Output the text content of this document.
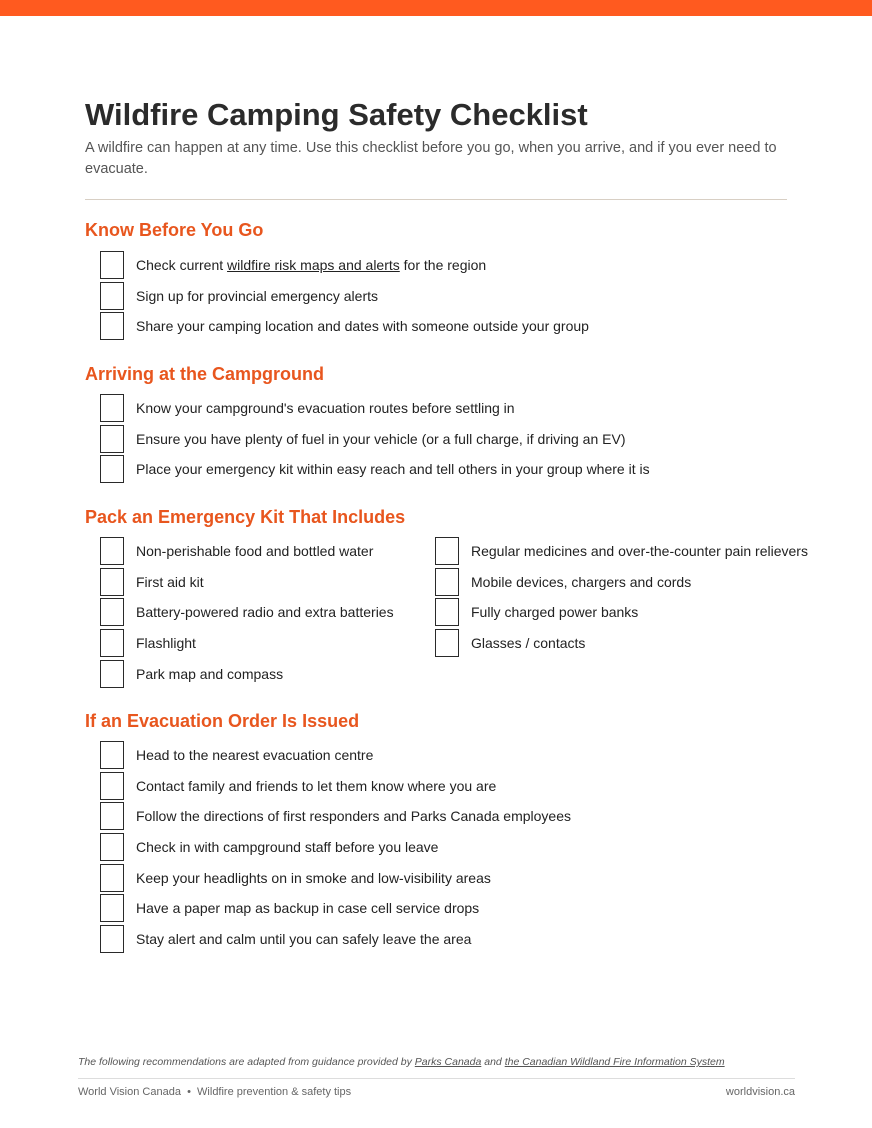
Wildfire Camping Safety Checklist

A wildfire can happen at any time. Use this checklist before you go, when you arrive, and if you ever need to evacuate.

Know Before You Go
Check current wildfire risk maps and alerts for the region
Sign up for provincial emergency alerts
Share your camping location and dates with someone outside your group
Arriving at the Campground
Know your campground's evacuation routes before settling in
Ensure you have plenty of fuel in your vehicle (or a full charge, if driving an EV)
Place your emergency kit within easy reach and tell others in your group where it is
Pack an Emergency Kit That Includes
Non-perishable food and bottled water
First aid kit
Battery-powered radio and extra batteries
Flashlight
Park map and compass
Regular medicines and over-the-counter pain relievers
Mobile devices, chargers and cords
Fully charged power banks
Glasses / contacts
If an Evacuation Order Is Issued
Head to the nearest evacuation centre
Contact family and friends to let them know where you are
Follow the directions of first responders and Parks Canada employees
Check in with campground staff before you leave
Keep your headlights on in smoke and low-visibility areas
Have a paper map as backup in case cell service drops
Stay alert and calm until you can safely leave the area

The following recommendations are adapted from guidance provided by Parks Canada and the Canadian Wildland Fire Information System

World Vision Canada • Wildfire prevention & safety tips	worldvision.ca
